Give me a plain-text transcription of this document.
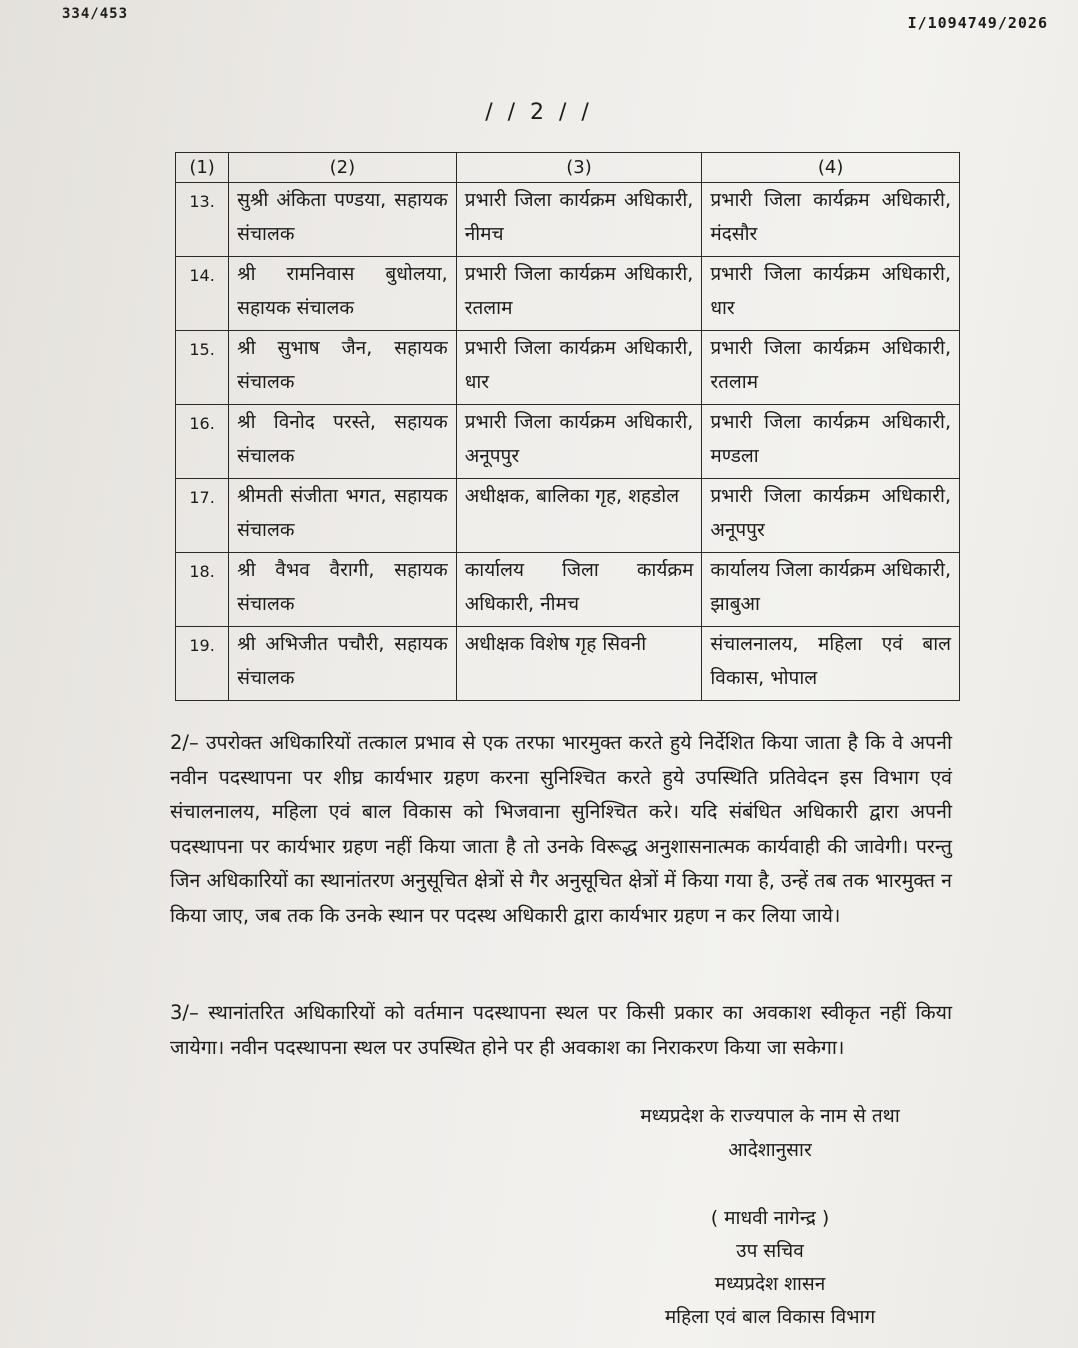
334/453	I/1094749/2026
/ / 2 / /
(1)	(2)	(3)	(4)
13.	सुश्री अंकिता पण्डया, सहायक संचालक	प्रभारी जिला कार्यक्रम अधिकारी, नीमच	प्रभारी जिला कार्यक्रम अधिकारी, मंदसौर
14.	श्री रामनिवास बुधोलया, सहायक संचालक	प्रभारी जिला कार्यक्रम अधिकारी, रतलाम	प्रभारी जिला कार्यक्रम अधिकारी, धार
15.	श्री सुभाष जैन, सहायक संचालक	प्रभारी जिला कार्यक्रम अधिकारी, धार	प्रभारी जिला कार्यक्रम अधिकारी, रतलाम
16.	श्री विनोद परस्ते, सहायक संचालक	प्रभारी जिला कार्यक्रम अधिकारी, अनूपपुर	प्रभारी जिला कार्यक्रम अधिकारी, मण्डला
17.	श्रीमती संजीता भगत, सहायक संचालक	अधीक्षक, बालिका गृह, शहडोल	प्रभारी जिला कार्यक्रम अधिकारी, अनूपपुर
18.	श्री वैभव वैरागी, सहायक संचालक	कार्यालय जिला कार्यक्रम अधिकारी, नीमच	कार्यालय जिला कार्यक्रम अधिकारी, झाबुआ
19.	श्री अभिजीत पचौरी, सहायक संचालक	अधीक्षक विशेष गृह सिवनी	संचालनालय, महिला एवं बाल विकास, भोपाल
2/– उपरोक्त अधिकारियों तत्काल प्रभाव से एक तरफा भारमुक्त करते हुये निर्देशित किया जाता है कि वे अपनी नवीन पदस्थापना पर शीघ्र कार्यभार ग्रहण करना सुनिश्चित करते हुये उपस्थिति प्रतिवेदन इस विभाग एवं संचालनालय, महिला एवं बाल विकास को भिजवाना सुनिश्चित करे। यदि संबंधित अधिकारी द्वारा अपनी पदस्थापना पर कार्यभार ग्रहण नहीं किया जाता है तो उनके विरूद्ध अनुशासनात्मक कार्यवाही की जावेगी। परन्तु जिन अधिकारियों का स्थानांतरण अनुसूचित क्षेत्रों से गैर अनुसूचित क्षेत्रों में किया गया है, उन्हें तब तक भारमुक्त न किया जाए, जब तक कि उनके स्थान पर पदस्थ अधिकारी द्वारा कार्यभार ग्रहण न कर लिया जाये।
3/– स्थानांतरित अधिकारियों को वर्तमान पदस्थापना स्थल पर किसी प्रकार का अवकाश स्वीकृत नहीं किया जायेगा। नवीन पदस्थापना स्थल पर उपस्थित होने पर ही अवकाश का निराकरण किया जा सकेगा।
मध्यप्रदेश के राज्यपाल के नाम से तथा
आदेशानुसार
( माधवी नागेन्द्र )
उप सचिव
मध्यप्रदेश शासन
महिला एवं बाल विकास विभाग
